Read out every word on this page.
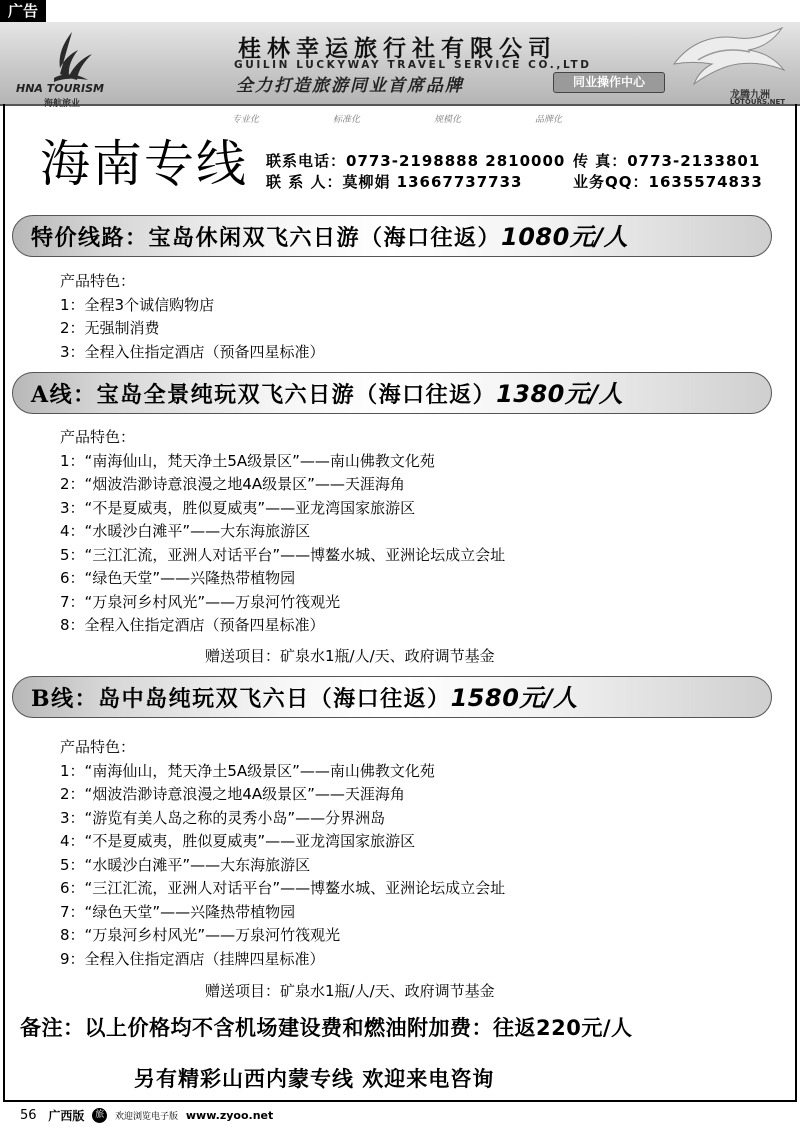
广告
HNA TOURISM
海航旅业
桂林幸运旅行社有限公司
GUILIN LUCKYWAY TRAVEL SERVICE CO.,LTD
全力打造旅游同业首席品牌	同业操作中心
专业化	标准化	规模化	品牌化
龙腾九洲
LOTOURS.NET
海南专线 联系电话：0773-2198888 2810000 传 真：0773-2133801
联 系 人：莫柳娟 13667737733	业务QQ：1635574833
特价线路：宝岛休闲双飞六日游（海口往返）1080元/人
产品特色：
1：全程3个诚信购物店
2：无强制消费
3：全程入住指定酒店（预备四星标准）
A线：宝岛全景纯玩双飞六日游（海口往返）1380元/人
产品特色：
1：“南海仙山，梵天净土5A级景区”——南山佛教文化苑
2：“烟波浩渺诗意浪漫之地4A级景区”——天涯海角
3：“不是夏威夷，胜似夏威夷”——亚龙湾国家旅游区
4：“水暖沙白滩平”——大东海旅游区
5：“三江汇流，亚洲人对话平台”——博鳌水城、亚洲论坛成立会址
6：“绿色天堂”——兴隆热带植物园
7：“万泉河乡村风光”——万泉河竹筏观光
8：全程入住指定酒店（预备四星标准）
赠送项目：矿泉水1瓶/人/天、政府调节基金
B线：岛中岛纯玩双飞六日（海口往返）1580元/人
产品特色：
1：“南海仙山，梵天净土5A级景区”——南山佛教文化苑
2：“烟波浩渺诗意浪漫之地4A级景区”——天涯海角
3：“游览有美人岛之称的灵秀小岛”——分界洲岛
4：“不是夏威夷，胜似夏威夷”——亚龙湾国家旅游区
5：“水暖沙白滩平”——大东海旅游区
6：“三江汇流，亚洲人对话平台”——博鳌水城、亚洲论坛成立会址
7：“绿色天堂”——兴隆热带植物园
8：“万泉河乡村风光”——万泉河竹筏观光
9：全程入住指定酒店（挂牌四星标准）
赠送项目：矿泉水1瓶/人/天、政府调节基金
备注：以上价格均不含机场建设费和燃油附加费：往返220元/人
另有精彩山西内蒙专线 欢迎来电咨询
56 广西版 旅 欢迎浏览电子版 www.zyoo.net
